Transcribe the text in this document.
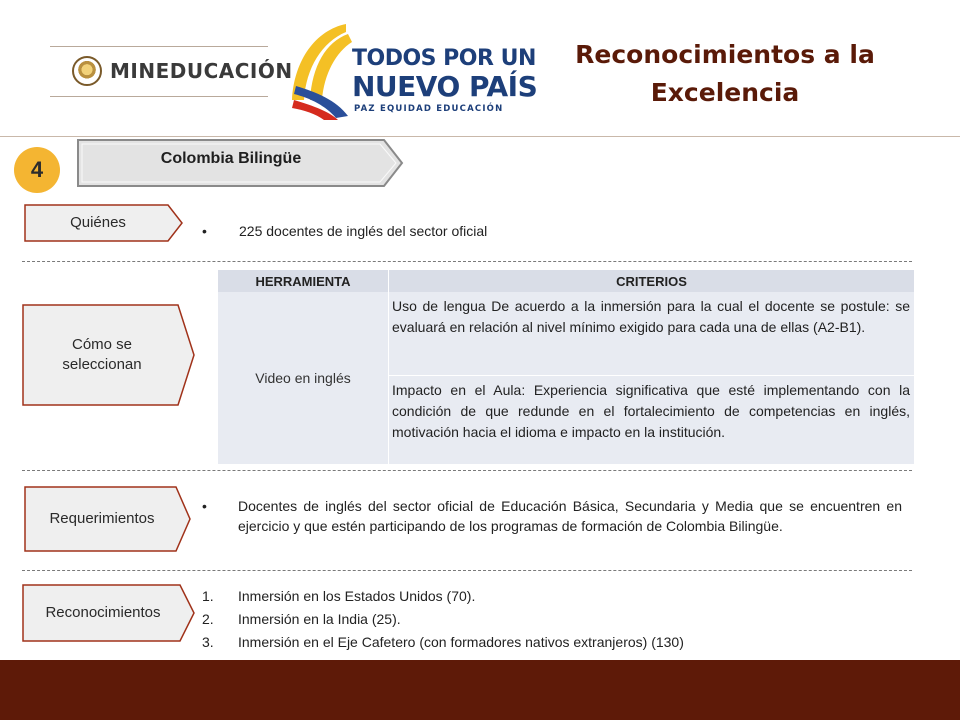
MINEDUCACIÓN	TODOS POR UN
NUEVO PAÍS
PAZ EQUIDAD EDUCACIÓN
Reconocimientos a la
Excelencia
4	Colombia Bilingüe
Quiénes	• 225 docentes de inglés del sector oficial
Cómo se
seleccionan
HERRAMIENTA	CRITERIOS
Video en inglés	Uso de lengua De acuerdo a la inmersión para la cual el docente se postule: se evaluará en relación al nivel mínimo exigido para cada una de ellas (A2-B1).
	Impacto en el Aula: Experiencia significativa que esté implementando con la condición de que redunde en el fortalecimiento de competencias en inglés, motivación hacia el idioma e impacto en la institución.
Requerimientos
• Docentes de inglés del sector oficial de Educación Básica, Secundaria y Media que se encuentren en ejercicio y que estén participando de los programas de formación de Colombia Bilingüe.
Reconocimientos
1. Inmersión en los Estados Unidos (70).
2. Inmersión en la India (25).
3. Inmersión en el Eje Cafetero (con formadores nativos extranjeros) (130)
